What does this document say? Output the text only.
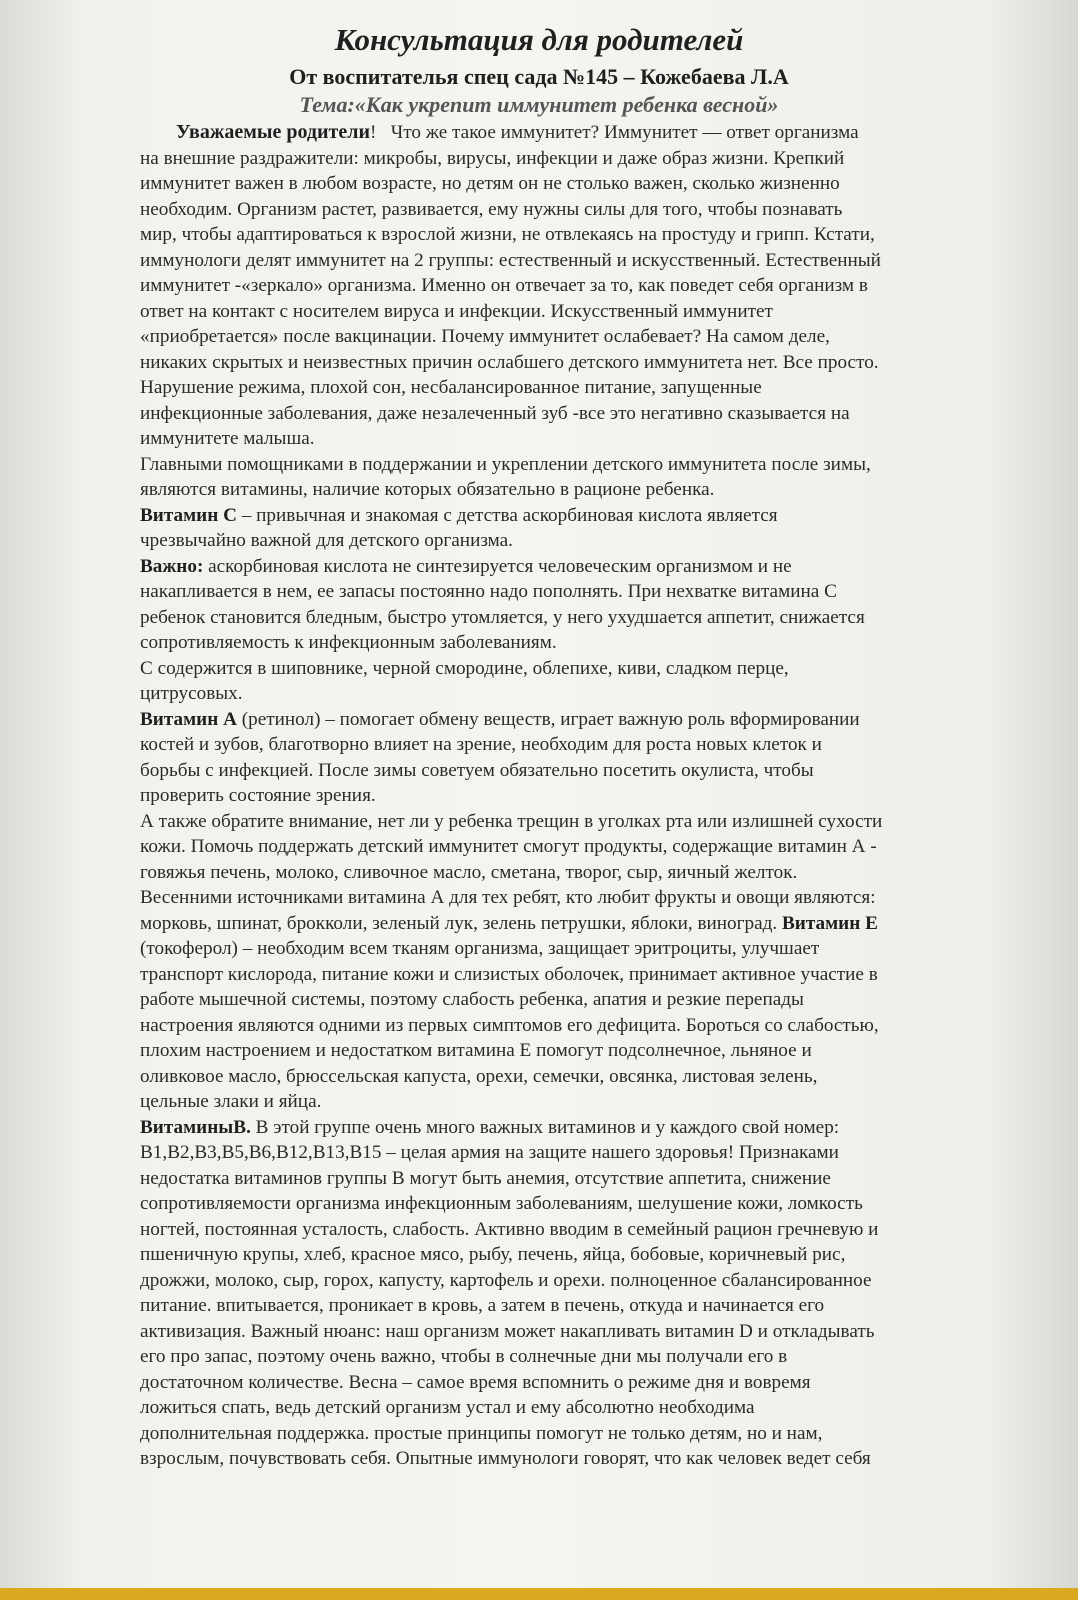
Консультация для родителей
От воспитателья спец сада №145 – Кожебаева Л.А
Тема:«Как укрепит иммунитет ребенка весной»
Уважаемые родители! Что же такое иммунитет? Иммунитет — ответ организма
на внешние раздражители: микробы, вирусы, инфекции и даже образ жизни. Крепкий
иммунитет важен в любом возрасте, но детям он не столько важен, сколько жизненно
необходим. Организм растет, развивается, ему нужны силы для того, чтобы познавать
мир, чтобы адаптироваться к взрослой жизни, не отвлекаясь на простуду и грипп. Кстати,
иммунологи делят иммунитет на 2 группы: естественный и искусственный. Естественный
иммунитет -«зеркало» организма. Именно он отвечает за то, как поведет себя организм в
ответ на контакт с носителем вируса и инфекции. Искусственный иммунитет
«приобретается» после вакцинации. Почему иммунитет ослабевает? На самом деле,
никаких скрытых и неизвестных причин ослабшего детского иммунитета нет. Все просто.
Нарушение режима, плохой сон, несбалансированное питание, запущенные
инфекционные заболевания, даже незалеченный зуб -все это негативно сказывается на
иммунитете малыша.
Главными помощниками в поддержании и укреплении детского иммунитета после зимы,
являются витамины, наличие которых обязательно в рационе ребенка.
Витамин С – привычная и знакомая с детства аскорбиновая кислота является
чрезвычайно важной для детского организма.
Важно: аскорбиновая кислота не синтезируется человеческим организмом и не
накапливается в нем, ее запасы постоянно надо пополнять. При нехватке витамина С
ребенок становится бледным, быстро утомляется, у него ухудшается аппетит, снижается
сопротивляемость к инфекционным заболеваниям.
С содержится в шиповнике, черной смородине, облепихе, киви, сладком перце,
цитрусовых.
Витамин А (ретинол) – помогает обмену веществ, играет важную роль вформировании
костей и зубов, благотворно влияет на зрение, необходим для роста новых клеток и
борьбы с инфекцией. После зимы советуем обязательно посетить окулиста, чтобы
проверить состояние зрения.
А также обратите внимание, нет ли у ребенка трещин в уголках рта или излишней сухости
кожи. Помочь поддержать детский иммунитет смогут продукты, содержащие витамин А -
говяжья печень, молоко, сливочное масло, сметана, творог, сыр, яичный желток.
Весенними источниками витамина А для тех ребят, кто любит фрукты и овощи являются:
морковь, шпинат, брокколи, зеленый лук, зелень петрушки, яблоки, виноград. Витамин Е
(токоферол) – необходим всем тканям организма, защищает эритроциты, улучшает
транспорт кислорода, питание кожи и слизистых оболочек, принимает активное участие в
работе мышечной системы, поэтому слабость ребенка, апатия и резкие перепады
настроения являются одними из первых симптомов его дефицита. Бороться со слабостью,
плохим настроением и недостатком витамина Е помогут подсолнечное, льняное и
оливковое масло, брюссельская капуста, орехи, семечки, овсянка, листовая зелень,
цельные злаки и яйца.
ВитаминыВ. В этой группе очень много важных витаминов и у каждого свой номер:
В1,В2,В3,В5,В6,В12,В13,В15 – целая армия на защите нашего здоровья! Признаками
недостатка витаминов группы В могут быть анемия, отсутствие аппетита, снижение
сопротивляемости организма инфекционным заболеваниям, шелушение кожи, ломкость
ногтей, постоянная усталость, слабость. Активно вводим в семейный рацион гречневую и
пшеничную крупы, хлеб, красное мясо, рыбу, печень, яйца, бобовые, коричневый рис,
дрожжи, молоко, сыр, горох, капусту, картофель и орехи. полноценное сбалансированное
питание. впитывается, проникает в кровь, а затем в печень, откуда и начинается его
активизация. Важный нюанс: наш организм может накапливать витамин D и откладывать
его про запас, поэтому очень важно, чтобы в солнечные дни мы получали его в
достаточном количестве. Весна – самое время вспомнить о режиме дня и вовремя
ложиться спать, ведь детский организм устал и ему абсолютно необходима
дополнительная поддержка. простые принципы помогут не только детям, но и нам,
взрослым, почувствовать себя. Опытные иммунологи говорят, что как человек ведет себя
